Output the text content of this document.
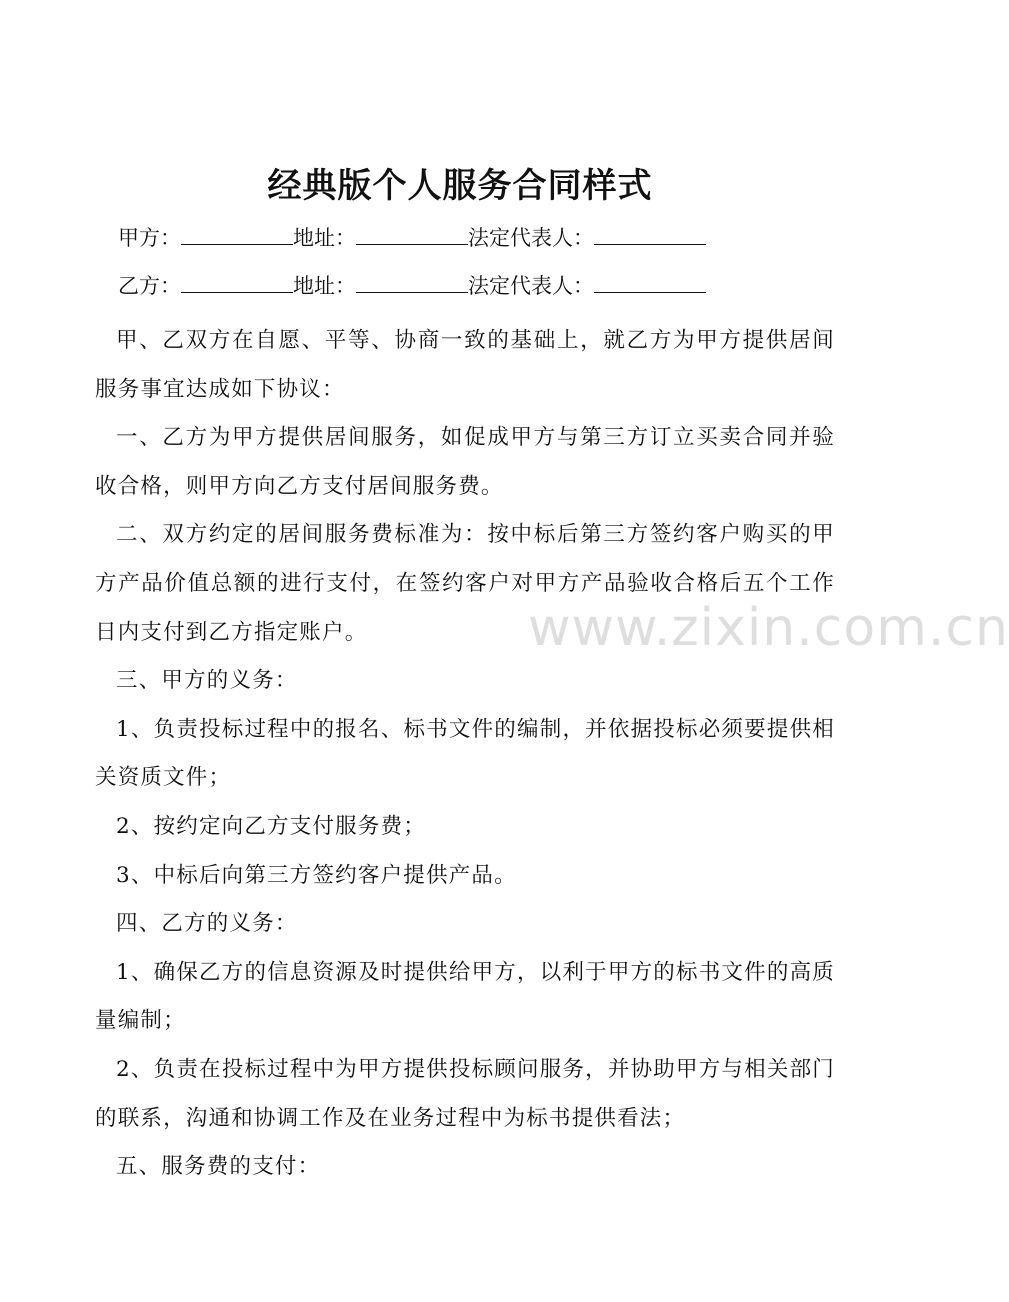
经典版个人服务合同样式
甲方：	地址：	法定代表人：
乙方：	地址：	法定代表人：

甲、乙双方在自愿、平等、协商一致的基础上，就乙方为甲方提供居间服务事宜达成如下协议：

一、乙方为甲方提供居间服务，如促成甲方与第三方订立买卖合同并验收合格，则甲方向乙方支付居间服务费。

二、双方约定的居间服务费标准为：按中标后第三方签约客户购买的甲方产品价值总额的进行支付，在签约客户对甲方产品验收合格后五个工作日内支付到乙方指定账户。

三、甲方的义务：

1、负责投标过程中的报名、标书文件的编制，并依据投标必须要提供相关资质文件；

2、按约定向乙方支付服务费；

3、中标后向第三方签约客户提供产品。

四、乙方的义务：

1、确保乙方的信息资源及时提供给甲方，以利于甲方的标书文件的高质量编制；

2、负责在投标过程中为甲方提供投标顾问服务，并协助甲方与相关部门的联系，沟通和协调工作及在业务过程中为标书提供看法；

五、服务费的支付：

www.zixin.com.cn
